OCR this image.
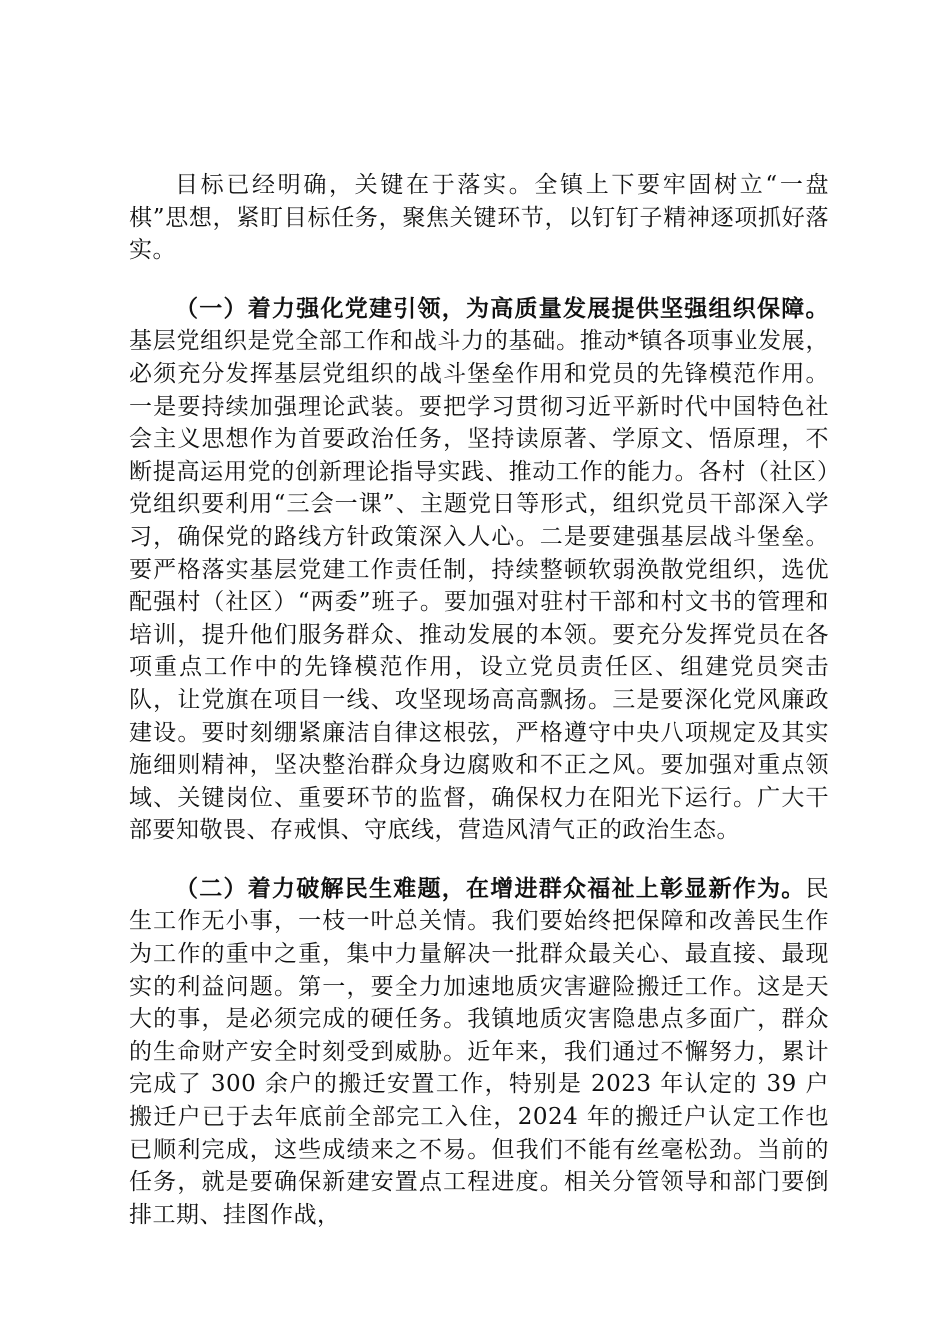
目标已经明确，关键在于落实。全镇上下要牢固树立“一盘棋”思想，紧盯目标任务，聚焦关键环节，以钉钉子精神逐项抓好落实。

（一）着力强化党建引领，为高质量发展提供坚强组织保障。基层党组织是党全部工作和战斗力的基础。推动*镇各项事业发展，必须充分发挥基层党组织的战斗堡垒作用和党员的先锋模范作用。一是要持续加强理论武装。要把学习贯彻习近平新时代中国特色社会主义思想作为首要政治任务，坚持读原著、学原文、悟原理，不断提高运用党的创新理论指导实践、推动工作的能力。各村（社区）党组织要利用“三会一课”、主题党日等形式，组织党员干部深入学习，确保党的路线方针政策深入人心。二是要建强基层战斗堡垒。要严格落实基层党建工作责任制，持续整顿软弱涣散党组织，选优配强村（社区）“两委”班子。要加强对驻村干部和村文书的管理和培训，提升他们服务群众、推动发展的本领。要充分发挥党员在各项重点工作中的先锋模范作用，设立党员责任区、组建党员突击队，让党旗在项目一线、攻坚现场高高飘扬。三是要深化党风廉政建设。要时刻绷紧廉洁自律这根弦，严格遵守中央八项规定及其实施细则精神，坚决整治群众身边腐败和不正之风。要加强对重点领域、关键岗位、重要环节的监督，确保权力在阳光下运行。广大干部要知敬畏、存戒惧、守底线，营造风清气正的政治生态。

（二）着力破解民生难题，在增进群众福祉上彰显新作为。民生工作无小事，一枝一叶总关情。我们要始终把保障和改善民生作为工作的重中之重，集中力量解决一批群众最关心、最直接、最现实的利益问题。第一，要全力加速地质灾害避险搬迁工作。这是天大的事，是必须完成的硬任务。我镇地质灾害隐患点多面广，群众的生命财产安全时刻受到威胁。近年来，我们通过不懈努力，累计完成了 300 余户的搬迁安置工作，特别是 2023 年认定的 39 户搬迁户已于去年底前全部完工入住，2024 年的搬迁户认定工作也已顺利完成，这些成绩来之不易。但我们不能有丝毫松劲。当前的任务，就是要确保新建安置点工程进度。相关分管领导和部门要倒排工期、挂图作战，
